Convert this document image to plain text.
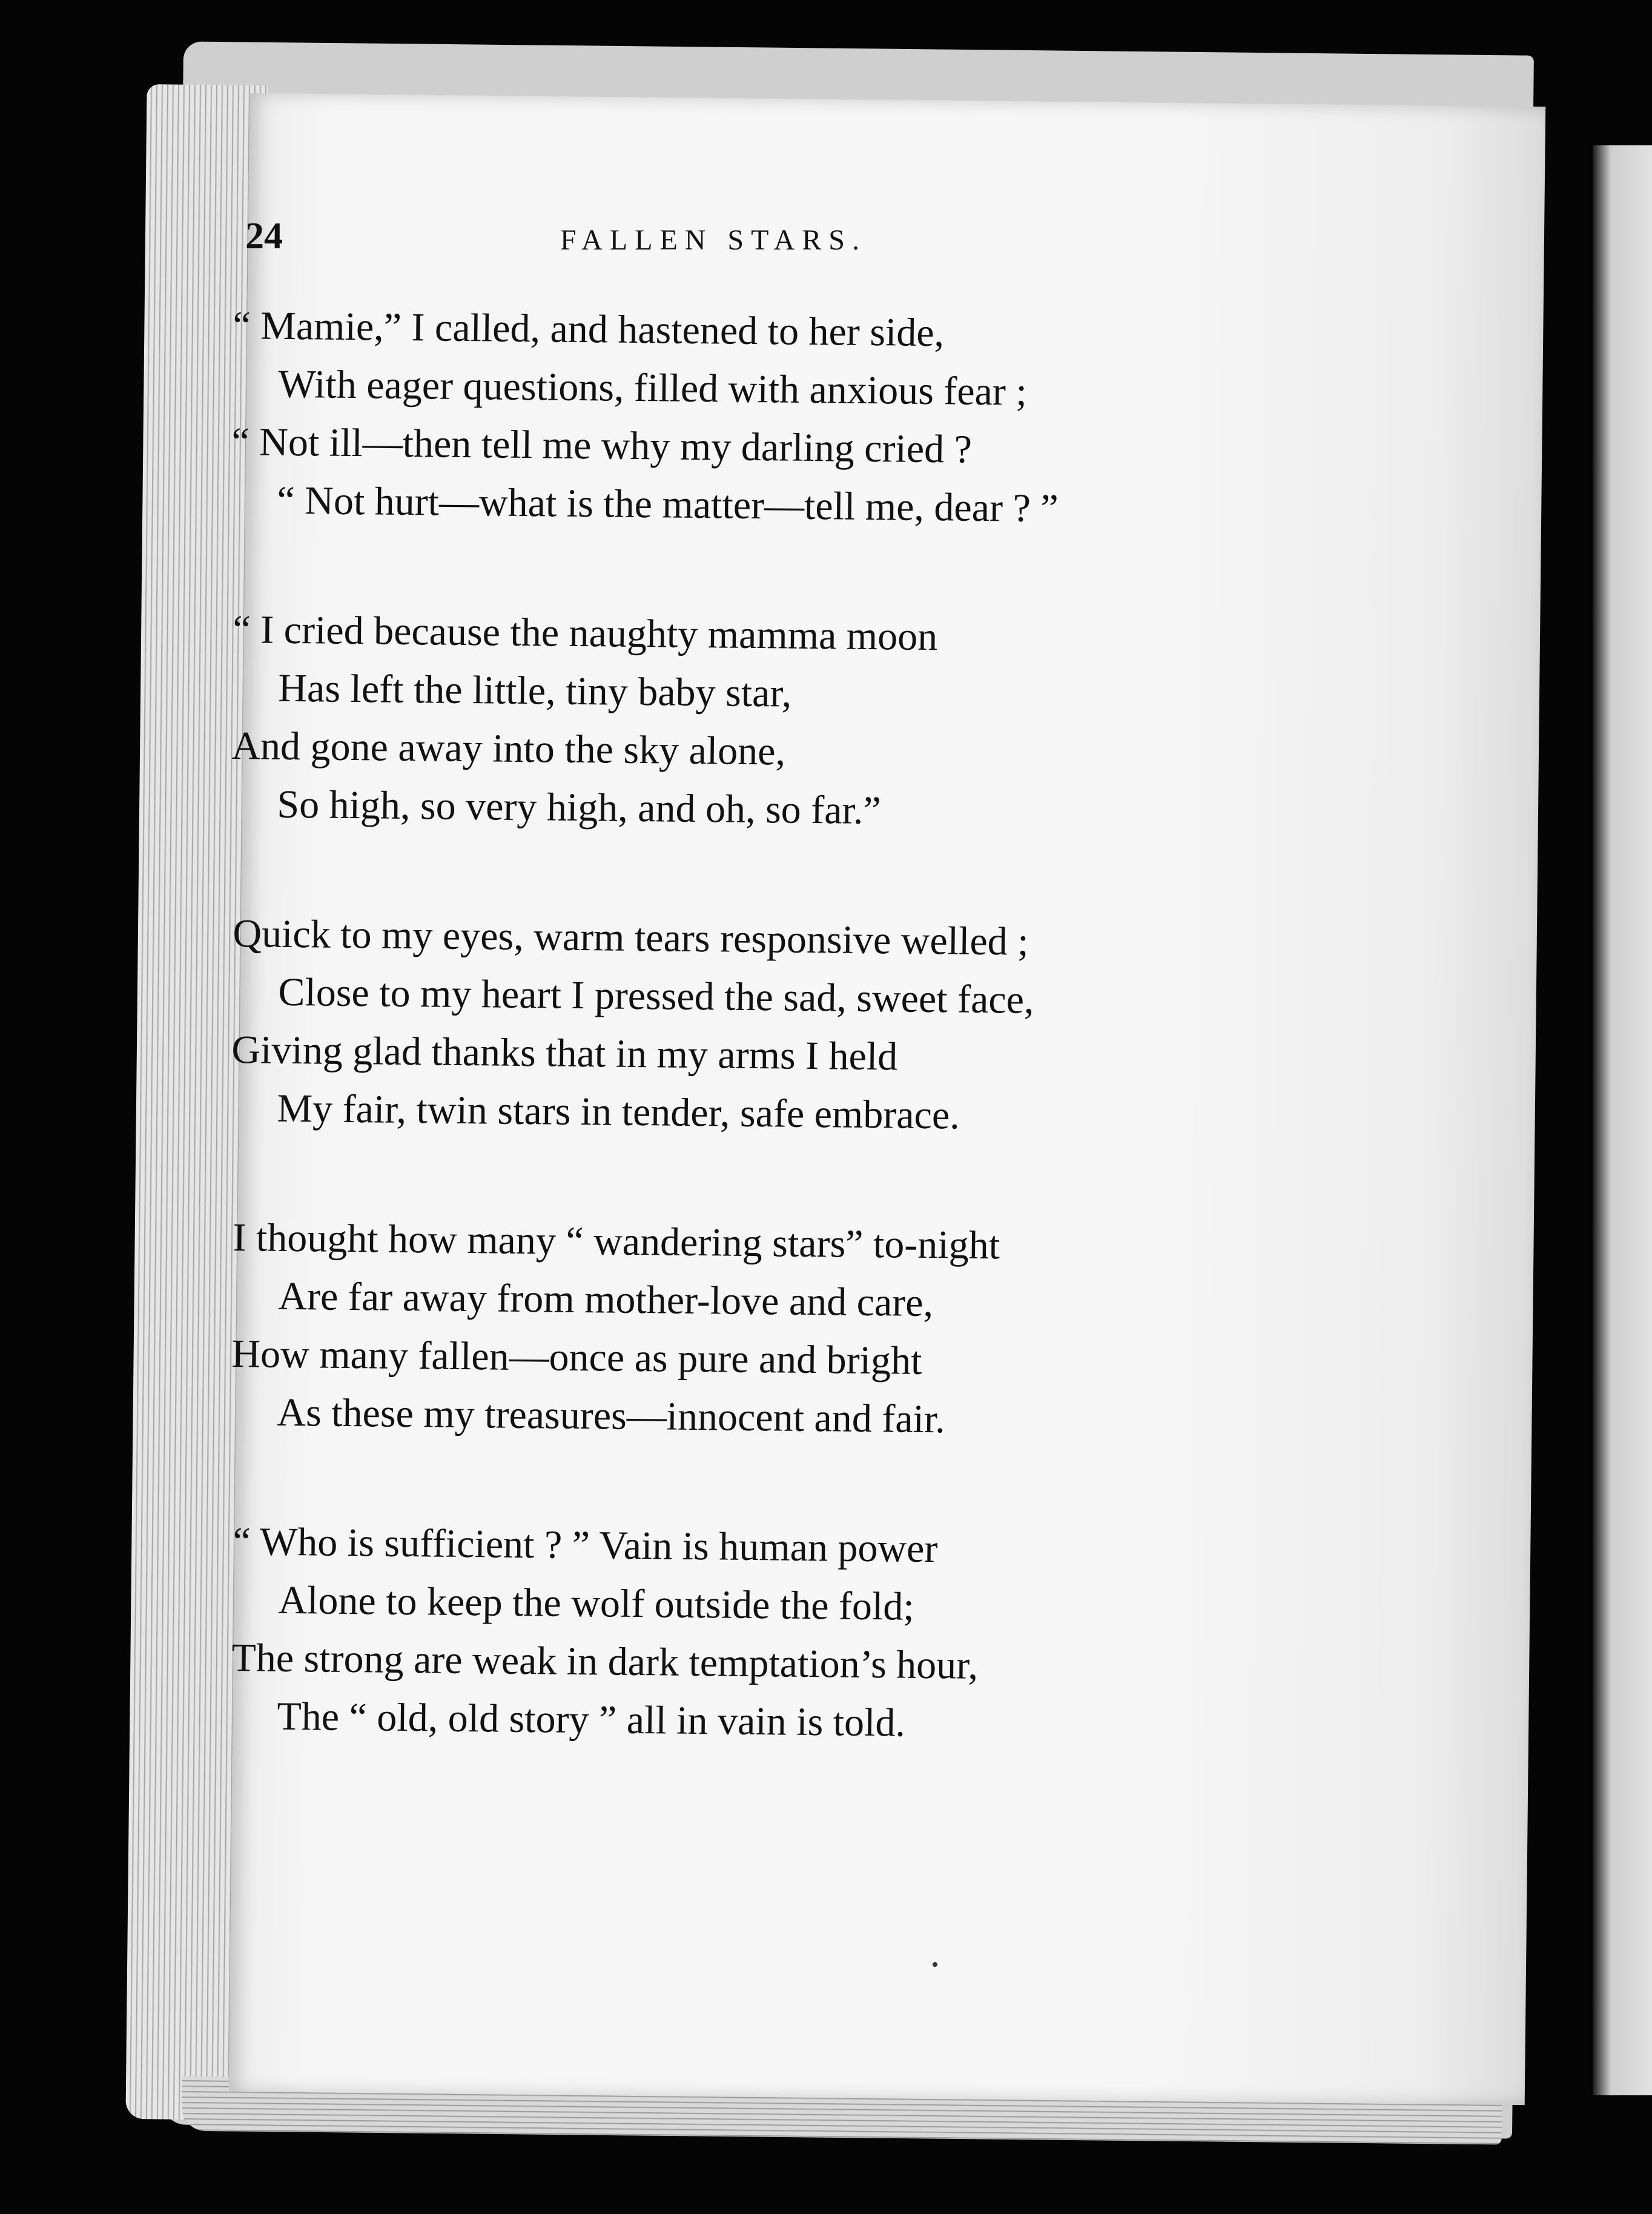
24	FALLEN STARS.
“ Mamie,” I called, and hastened to her side,
With eager questions, filled with anxious fear ;
“ Not ill—then tell me why my darling cried ?
“ Not hurt—what is the matter—tell me, dear ? ”
“ I cried because the naughty mamma moon
Has left the little, tiny baby star,
And gone away into the sky alone,
So high, so very high, and oh, so far.”
Quick to my eyes, warm tears responsive welled ;
Close to my heart I pressed the sad, sweet face,
Giving glad thanks that in my arms I held
My fair, twin stars in tender, safe embrace.
I thought how many “ wandering stars” to-night
Are far away from mother-love and care,
How many fallen—once as pure and bright
As these my treasures—innocent and fair.
“ Who is sufficient ? ” Vain is human power
Alone to keep the wolf outside the fold;
The strong are weak in dark temptation’s hour,
The “ old, old story ” all in vain is told.
